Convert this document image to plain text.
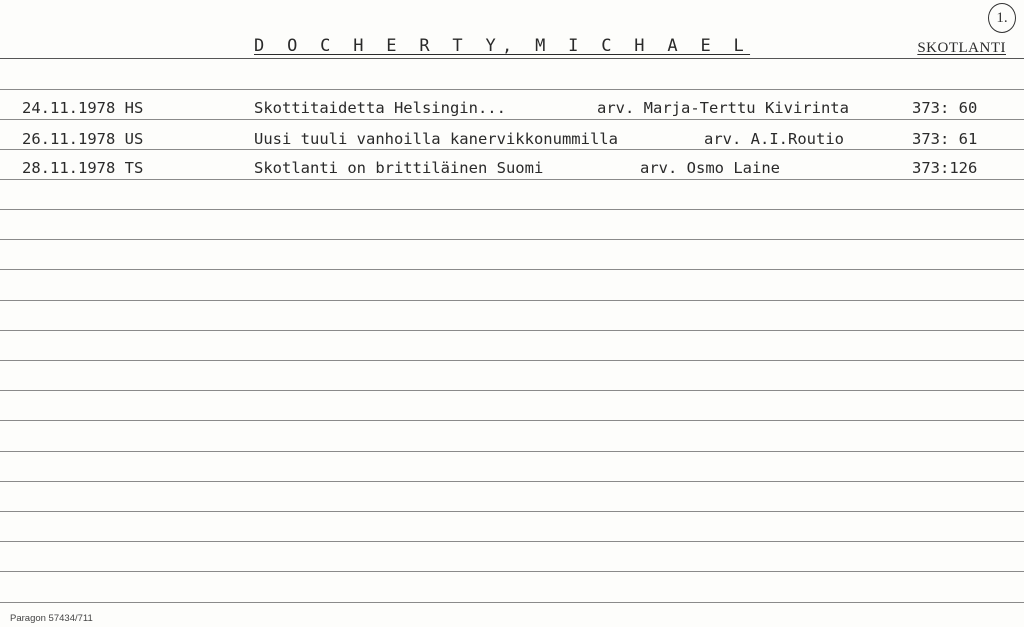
D O C H E R T Y, M I C H A E L	SKOTLANTI
1.
24.11.1978 HS	Skottitaidetta Helsingin...	arv. Marja-Terttu Kivirinta	373: 60
26.11.1978 US	Uusi tuuli vanhoilla kanervikkonummilla	arv. A.I.Routio	373: 61
28.11.1978 TS	Skotlanti on brittiläinen Suomi	arv. Osmo Laine	373:126
Paragon 57434/711
